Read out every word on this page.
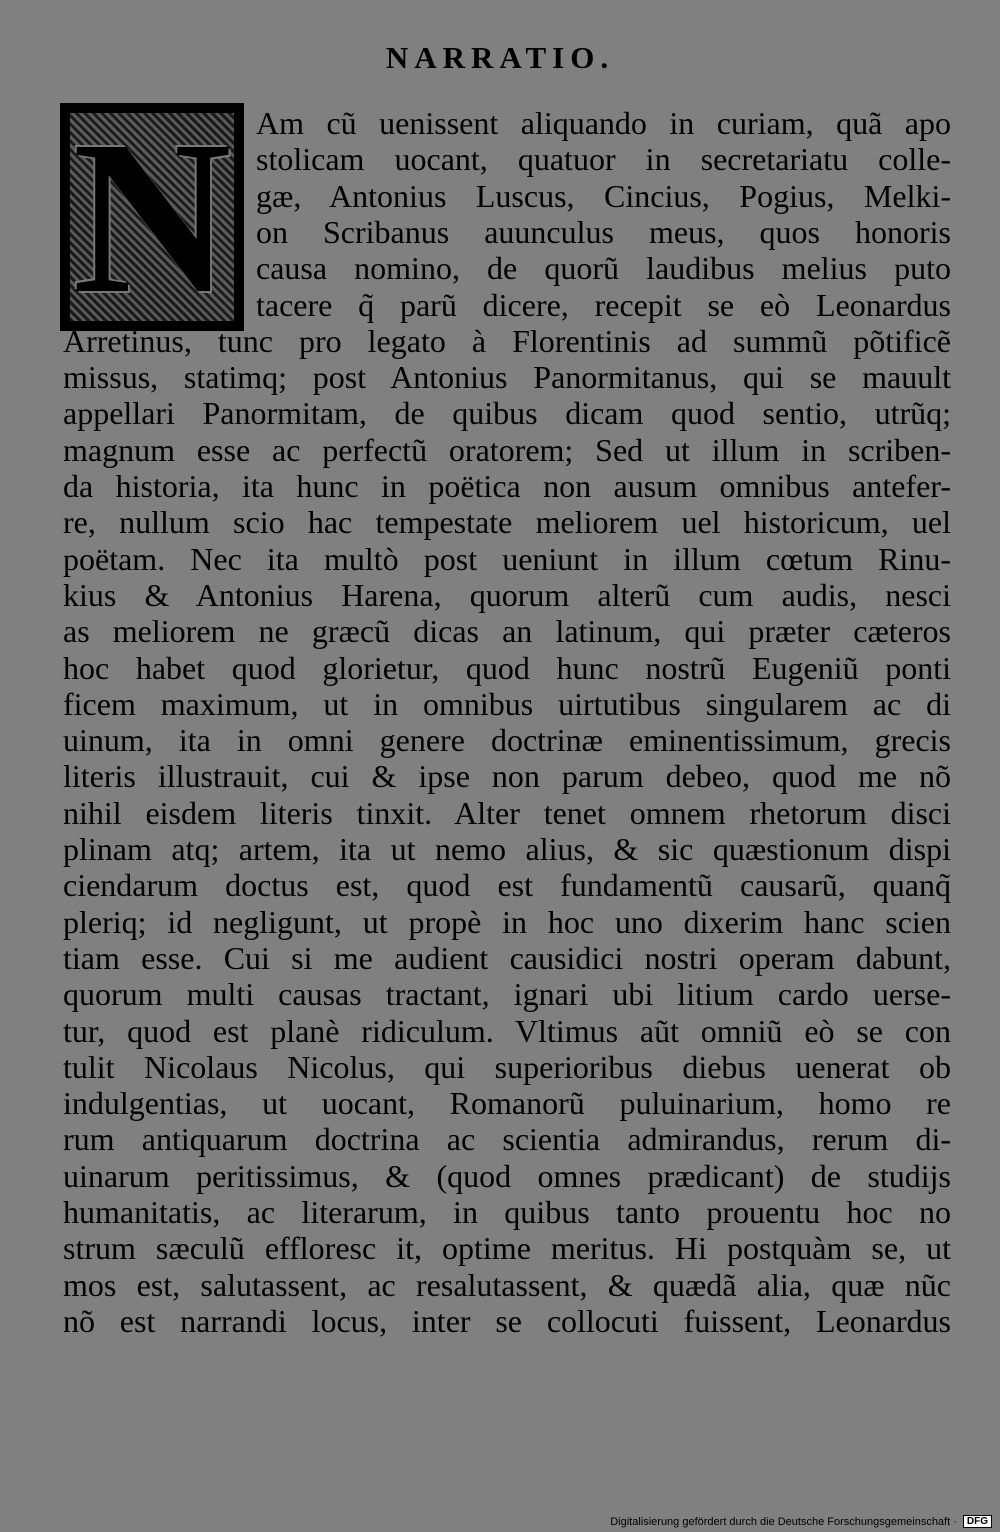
NARRATIO.
N Am cũ uenissent aliquando in curiam, quã apo
stolicam uocant, quatuor in secretariatu colle-
gæ, Antonius Luscus, Cincius, Pogius, Melki-
on Scribanus auunculus meus, quos honoris
causa nomino, de quorũ laudibus melius puto
tacere q̃ parũ dicere, recepit se eò Leonardus
Arretinus, tunc pro legato à Florentinis ad summũ põtificẽ
missus, statimq; post Antonius Panormitanus, qui se mauult
appellari Panormitam, de quibus dicam quod sentio, utrũq;
magnum esse ac perfectũ oratorem; Sed ut illum in scriben-
da historia, ita hunc in poëtica non ausum omnibus antefer-
re, nullum scio hac tempestate meliorem uel historicum, uel
poëtam. Nec ita multò post ueniunt in illum cœtum Rinu-
kius & Antonius Harena, quorum alterũ cum audis, nesci
as meliorem ne græcũ dicas an latinum, qui præter cæteros
hoc habet quod glorietur, quod hunc nostrũ Eugeniũ ponti
ficem maximum, ut in omnibus uirtutibus singularem ac di
uinum, ita in omni genere doctrinæ eminentissimum, grecis
literis illustrauit, cui & ipse non parum debeo, quod me nõ
nihil eisdem literis tinxit. Alter tenet omnem rhetorum disci
plinam atq; artem, ita ut nemo alius, & sic quæstionum dispi
ciendarum doctus est, quod est fundamentũ causarũ, quanq̃
pleriq; id negligunt, ut propè in hoc uno dixerim hanc scien
tiam esse. Cui si me audient causidici nostri operam dabunt,
quorum multi causas tractant, ignari ubi litium cardo uerse-
tur, quod est planè ridiculum. Vltimus aũt omniũ eò se con
tulit Nicolaus Nicolus, qui superioribus diebus uenerat ob
indulgentias, ut uocant, Romanorũ puluinarium, homo re
rum antiquarum doctrina ac scientia admirandus, rerum di-
uinarum peritissimus, & (quod omnes prædicant) de studijs
humanitatis, ac literarum, in quibus tanto prouentu hoc no
strum sæculũ effloresc it, optime meritus. Hi postquàm se, ut
mos est, salutassent, ac resalutassent, & quædã alia, quæ nũc
nõ est narrandi locus, inter se collocuti fuissent, Leonardus
Digitalisierung gefördert durch die Deutsche Forschungsgemeinschaft ·	DFG
